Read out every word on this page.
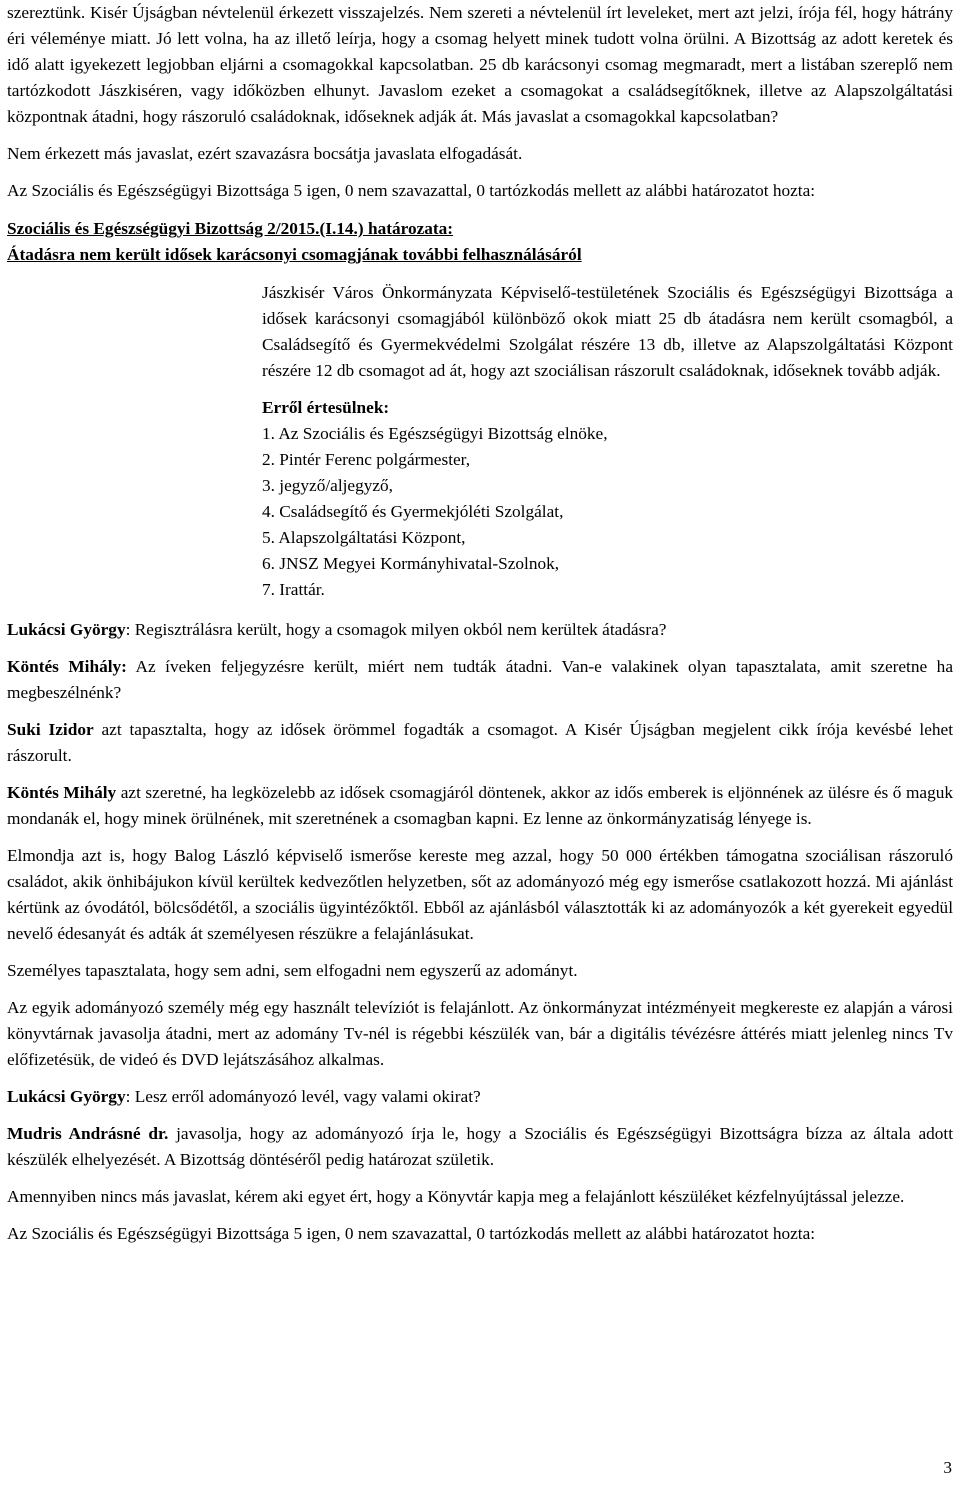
szereztünk. Kisér Újságban névtelenül érkezett visszajelzés. Nem szereti a névtelenül írt leveleket, mert azt jelzi, írója fél, hogy hátrány éri véleménye miatt. Jó lett volna, ha az illető leírja, hogy a csomag helyett minek tudott volna örülni. A Bizottság az adott keretek és idő alatt igyekezett legjobban eljárni a csomagokkal kapcsolatban. 25 db karácsonyi csomag megmaradt, mert a listában szereplő nem tartózkodott Jászkiséren, vagy időközben elhunyt. Javaslom ezeket a csomagokat a családsegítőknek, illetve az Alapszolgáltatási központnak átadni, hogy rászoruló családoknak, időseknek adják át. Más javaslat a csomagokkal kapcsolatban?

Nem érkezett más javaslat, ezért szavazásra bocsátja javaslata elfogadását.

Az Szociális és Egészségügyi Bizottsága 5 igen, 0 nem szavazattal, 0 tartózkodás mellett az alábbi határozatot hozta:

Szociális és Egészségügyi Bizottság 2/2015.(I.14.) határozata:

Átadásra nem került idősek karácsonyi csomagjának további felhasználásáról

Jászkisér Város Önkormányzata Képviselő-testületének Szociális és Egészségügyi Bizottsága a idősek karácsonyi csomagjából különböző okok miatt 25 db átadásra nem került csomagból, a Családsegítő és Gyermekvédelmi Szolgálat részére 13 db, illetve az Alapszolgáltatási Központ részére 12 db csomagot ad át, hogy azt szociálisan rászorult családoknak, időseknek tovább adják.

Erről értesülnek:

1. Az Szociális és Egészségügyi Bizottság elnöke,
2. Pintér Ferenc polgármester,
3. jegyző/aljegyző,
4. Családsegítő és Gyermekjóléti Szolgálat,
5. Alapszolgáltatási Központ,
6. JNSZ Megyei Kormányhivatal-Szolnok,
7. Irattár.

Lukácsi György: Regisztrálásra került, hogy a csomagok milyen okból nem kerültek átadásra?

Köntés Mihály: Az íveken feljegyzésre került, miért nem tudták átadni. Van-e valakinek olyan tapasztalata, amit szeretne ha megbeszélnénk?

Suki Izidor azt tapasztalta, hogy az idősek örömmel fogadták a csomagot. A Kisér Újságban megjelent cikk írója kevésbé lehet rászorult.

Köntés Mihály azt szeretné, ha legközelebb az idősek csomagjáról döntenek, akkor az idős emberek is eljönnének az ülésre és ő maguk mondanák el, hogy minek örülnének, mit szeretnének a csomagban kapni. Ez lenne az önkormányzatiság lényege is.

Elmondja azt is, hogy Balog László képviselő ismerőse kereste meg azzal, hogy 50 000 értékben támogatna szociálisan rászoruló családot, akik önhibájukon kívül kerültek kedvezőtlen helyzetben, sőt az adományozó még egy ismerőse csatlakozott hozzá. Mi ajánlást kértünk az óvodától, bölcsődétől, a szociális ügyintézőktől. Ebből az ajánlásból választották ki az adományozók a két gyerekeit egyedül nevelő édesanyát és adták át személyesen részükre a felajánlásukat.

Személyes tapasztalata, hogy sem adni, sem elfogadni nem egyszerű az adományt.

Az egyik adományozó személy még egy használt televíziót is felajánlott. Az önkormányzat intézményeit megkereste ez alapján a városi könyvtárnak javasolja átadni, mert az adomány Tv-nél is régebbi készülék van, bár a digitális tévézésre áttérés miatt jelenleg nincs Tv előfizetésük, de videó és DVD lejátszásához alkalmas.

Lukácsi György: Lesz erről adományozó levél, vagy valami okirat?

Mudris Andrásné dr. javasolja, hogy az adományozó írja le, hogy a Szociális és Egészségügyi Bizottságra bízza az általa adott készülék elhelyezését. A Bizottság döntéséről pedig határozat születik.

Amennyiben nincs más javaslat, kérem aki egyet ért, hogy a Könyvtár kapja meg a felajánlott készüléket kézfelnyújtással jelezze.

Az Szociális és Egészségügyi Bizottsága 5 igen, 0 nem szavazattal, 0 tartózkodás mellett az alábbi határozatot hozta:

3
